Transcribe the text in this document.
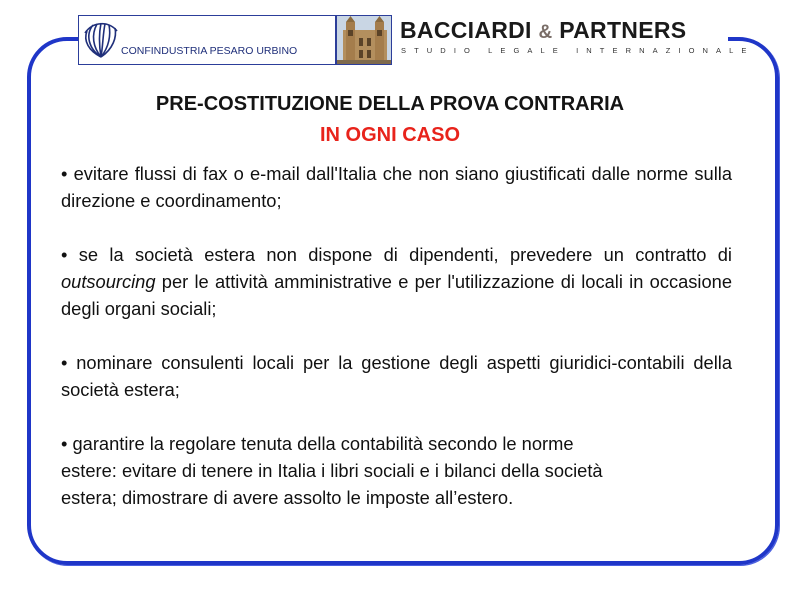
CONFINDUSTRIA PESARO URBINO
BACCIARDI & PARTNERS
STUDIO LEGALE INTERNAZIONALE
PRE-COSTITUZIONE DELLA PROVA CONTRARIA
IN OGNI CASO

• evitare flussi di fax o e-mail dall'Italia che non siano giustificati dalle norme sulla direzione e coordinamento;

• se la società estera non dispone di dipendenti, prevedere un contratto di outsourcing per le attività amministrative e per l'utilizzazione di locali in occasione degli organi sociali;

• nominare consulenti locali per la gestione degli aspetti giuridici-contabili della società estera;

• garantire la regolare tenuta della contabilità secondo le norme
estere: evitare di tenere in Italia i libri sociali e i bilanci della società
estera; dimostrare di avere assolto le imposte all’estero.
